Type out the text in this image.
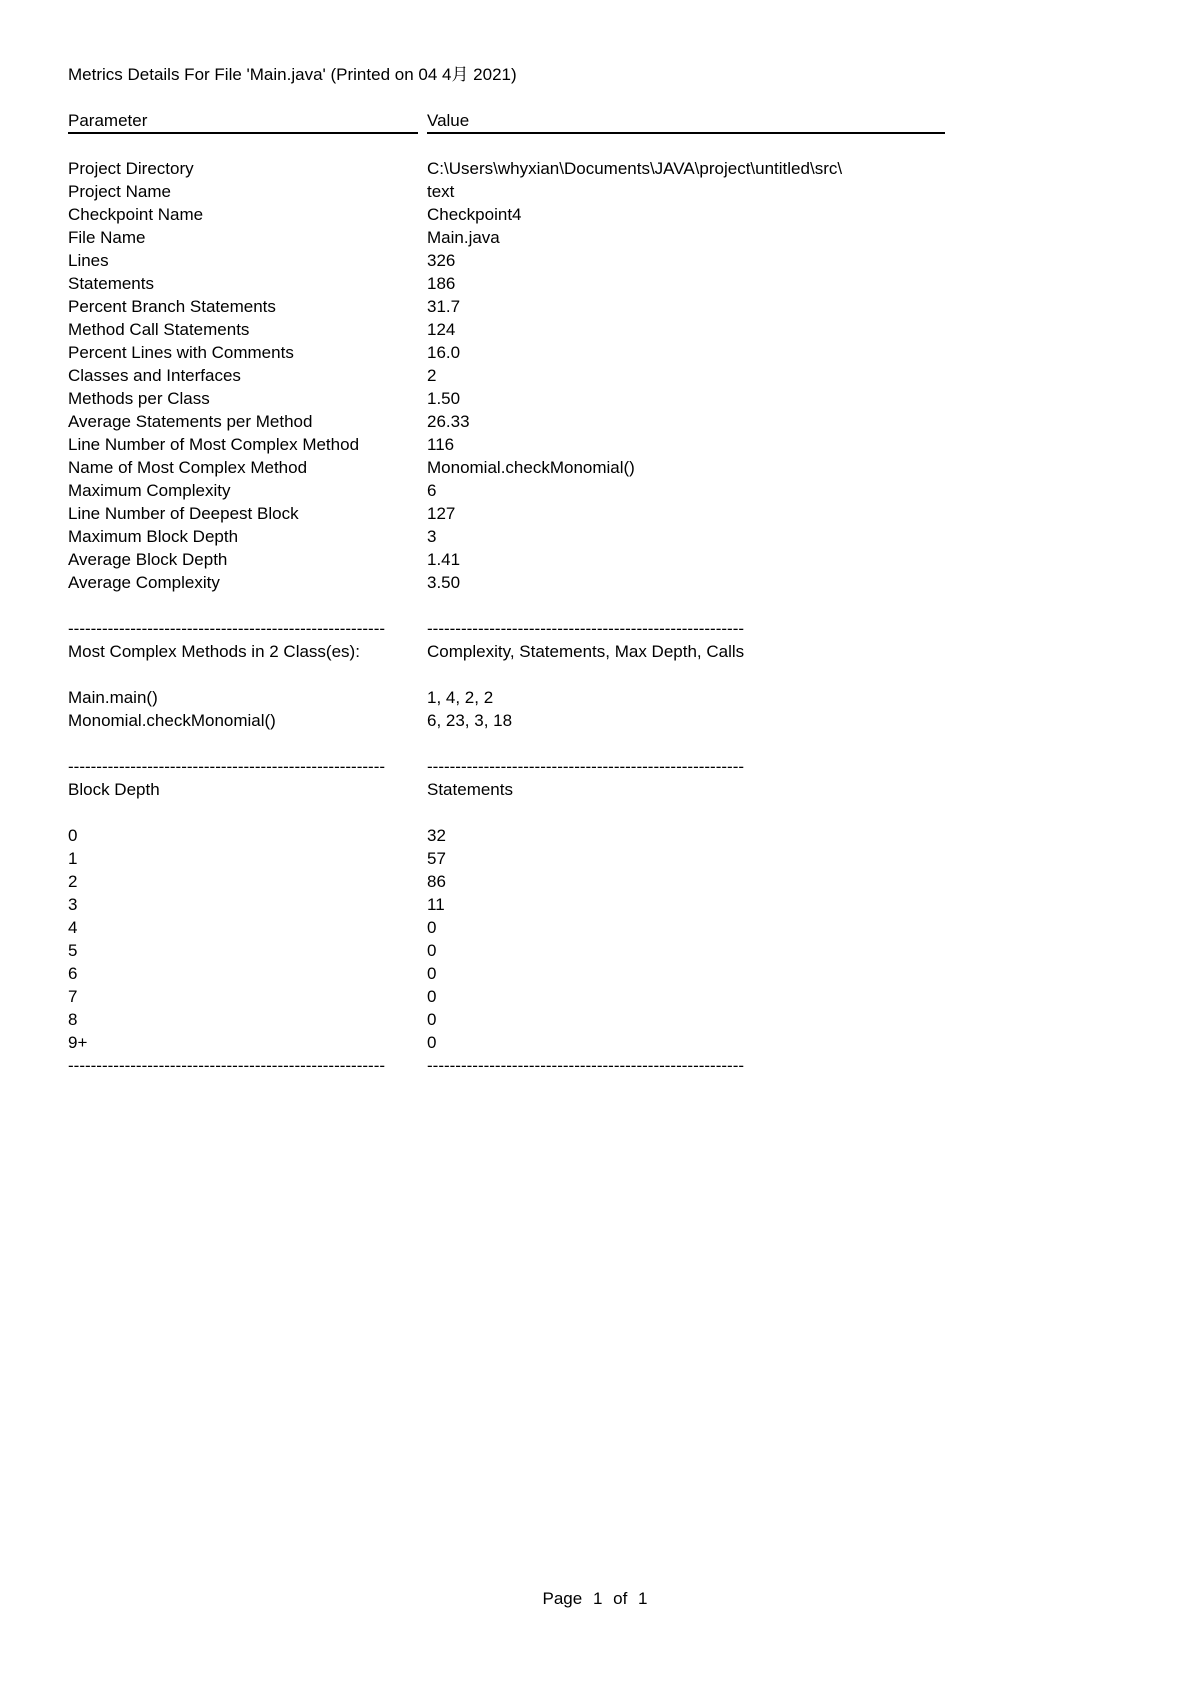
Metrics Details For File 'Main.java' (Printed on 04 4月 2021)
Parameter	Value
Project Directory	C:\Users\whyxian\Documents\JAVA\project\untitled\src\
Project Name	text
Checkpoint Name	Checkpoint4
File Name	Main.java
Lines	326
Statements	186
Percent Branch Statements	31.7
Method Call Statements	124
Percent Lines with Comments	16.0
Classes and Interfaces	2
Methods per Class	1.50
Average Statements per Method	26.33
Line Number of Most Complex Method	116
Name of Most Complex Method	Monomial.checkMonomial()
Maximum Complexity	6
Line Number of Deepest Block	127
Maximum Block Depth	3
Average Block Depth	1.41
Average Complexity	3.50
--------------------------------------------------------	--------------------------------------------------------
Most Complex Methods in 2 Class(es):	Complexity, Statements, Max Depth, Calls
Main.main()	1, 4, 2, 2
Monomial.checkMonomial()	6, 23, 3, 18
--------------------------------------------------------	--------------------------------------------------------
Block Depth	Statements
0	32
1	57
2	86
3	11
4	0
5	0
6	0
7	0
8	0
9+	0
--------------------------------------------------------	--------------------------------------------------------
Page 1 of 1
